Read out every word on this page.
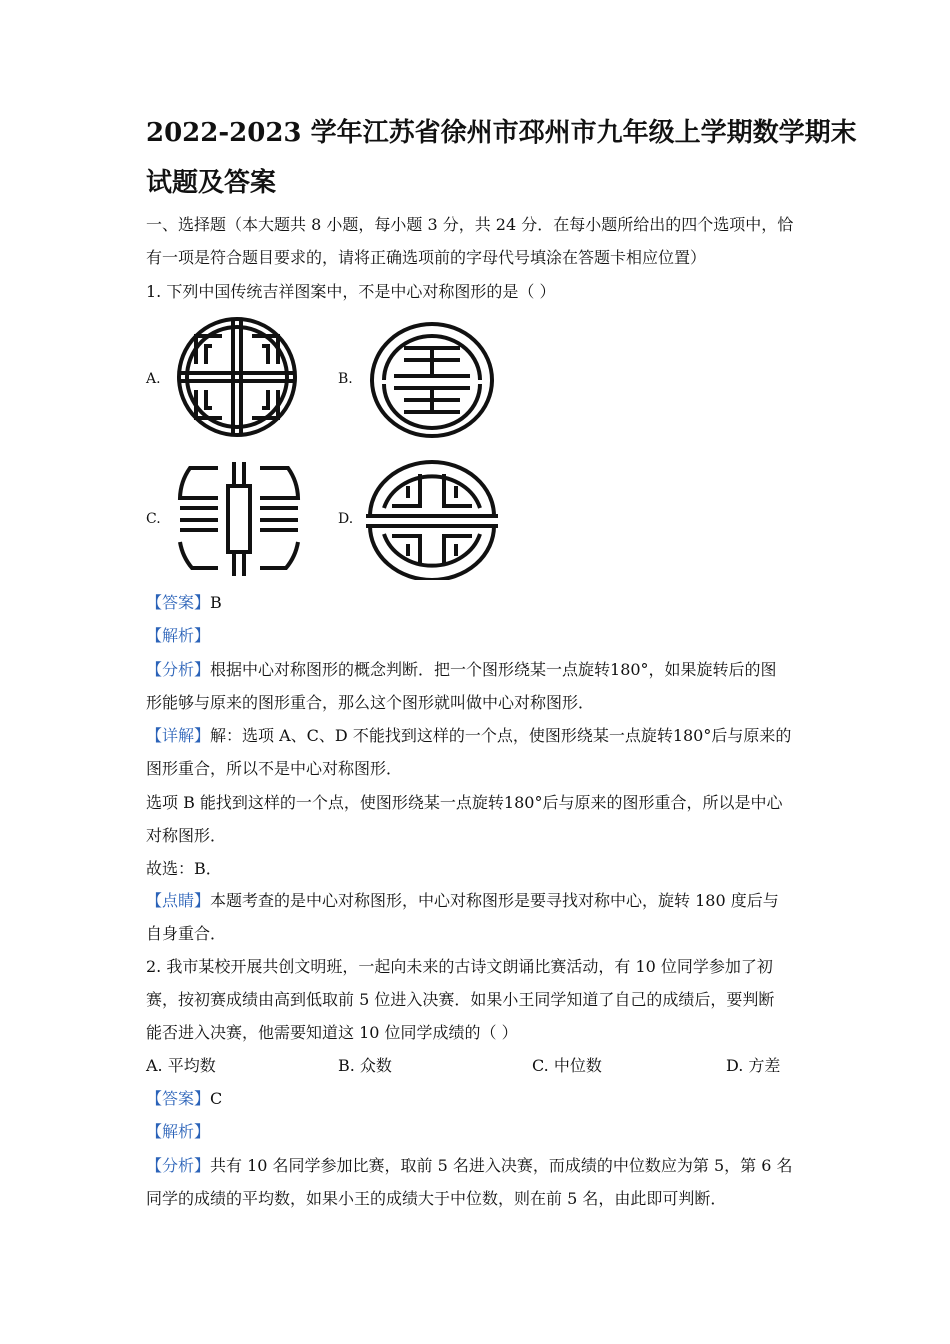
2022-2023 学年江苏省徐州市邳州市九年级上学期数学期末
试题及答案
一、选择题（本大题共 8 小题，每小题 3 分，共 24 分．在每小题所给出的四个选项中，恰
有一项是符合题目要求的，请将正确选项前的字母代号填涂在答题卡相应位置）
1. 下列中国传统吉祥图案中，不是中心对称图形的是（ ）
A.	B.
C.	D.
【答案】B
【解析】
【分析】根据中心对称图形的概念判断．把一个图形绕某一点旋转180°，如果旋转后的图
形能够与原来的图形重合，那么这个图形就叫做中心对称图形．
【详解】解：选项 A、C、D 不能找到这样的一个点，使图形绕某一点旋转180°后与原来的
图形重合，所以不是中心对称图形．
选项 B 能找到这样的一个点，使图形绕某一点旋转180°后与原来的图形重合，所以是中心
对称图形．
故选：B．
【点睛】本题考查的是中心对称图形，中心对称图形是要寻找对称中心，旋转 180 度后与
自身重合．
2. 我市某校开展共创文明班，一起向未来的古诗文朗诵比赛活动，有 10 位同学参加了初
赛，按初赛成绩由高到低取前 5 位进入决赛．如果小王同学知道了自己的成绩后，要判断
能否进入决赛，他需要知道这 10 位同学成绩的（ ）
A. 平均数	B. 众数	C. 中位数	D. 方差
【答案】C
【解析】
【分析】共有 10 名同学参加比赛，取前 5 名进入决赛，而成绩的中位数应为第 5，第 6 名
同学的成绩的平均数，如果小王的成绩大于中位数，则在前 5 名，由此即可判断．
